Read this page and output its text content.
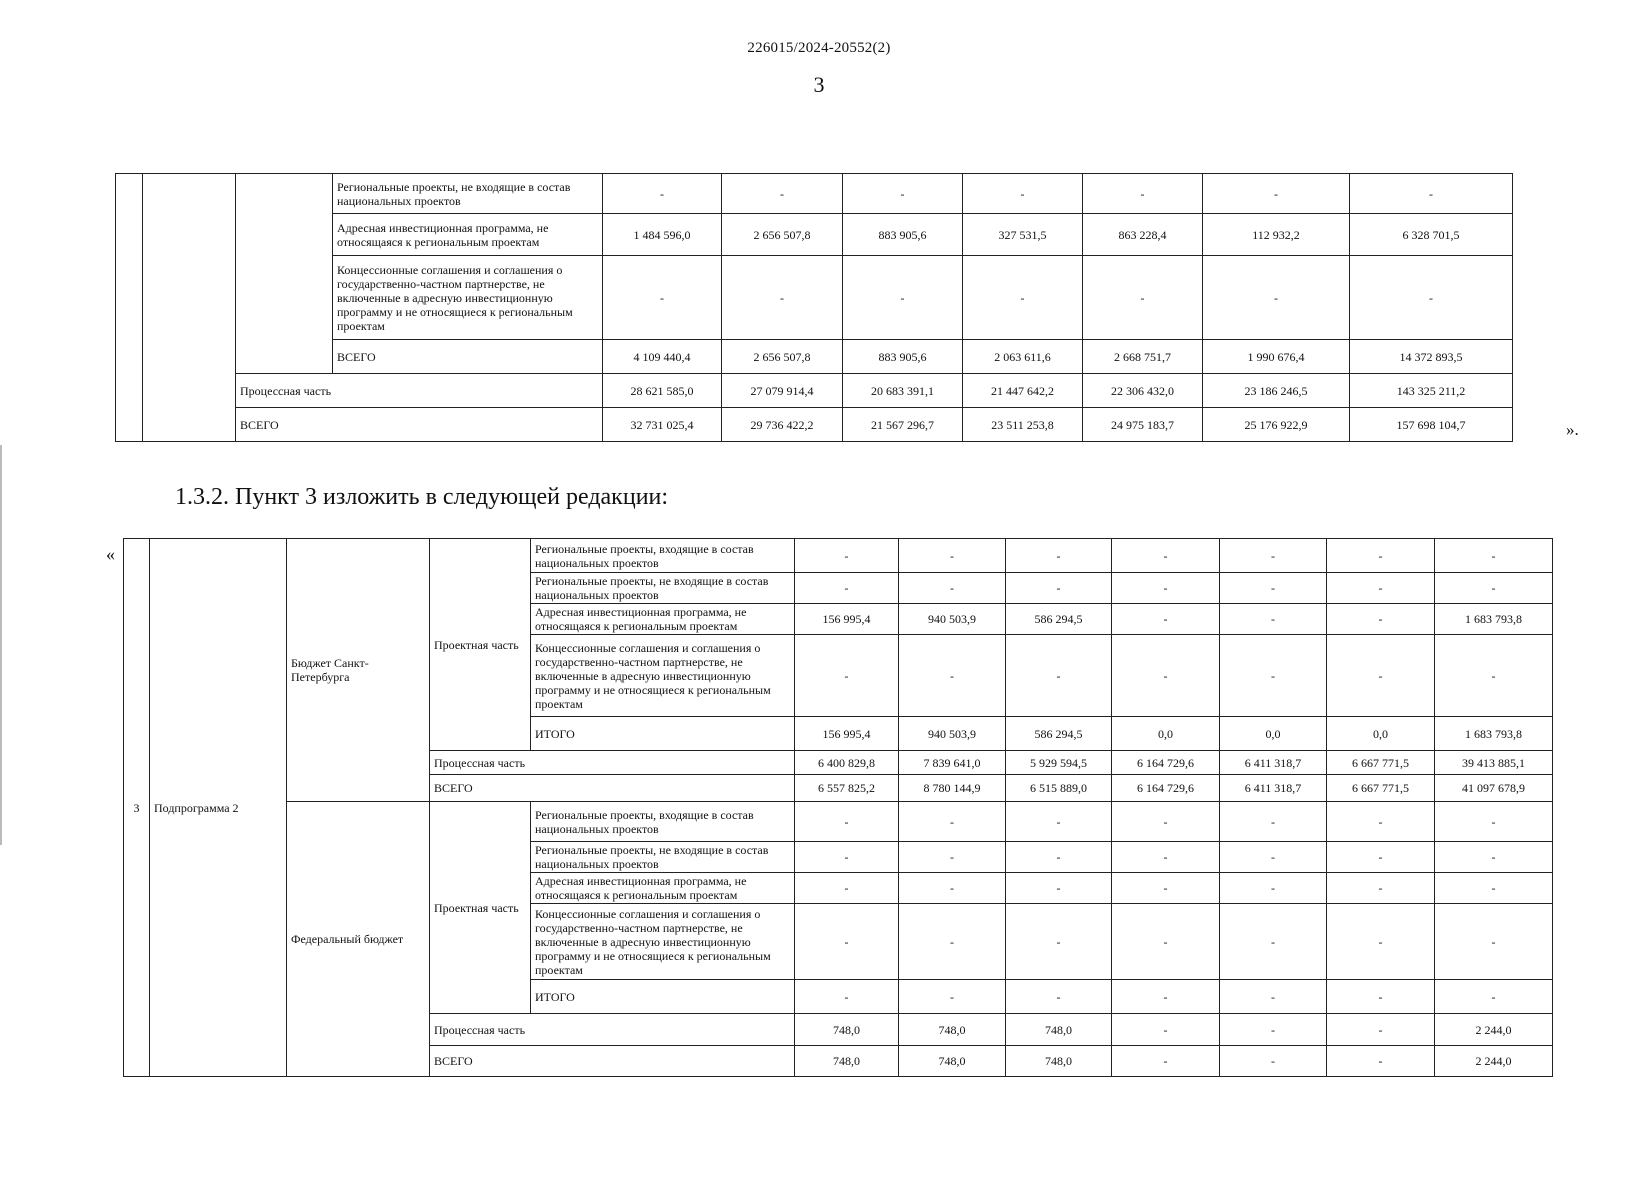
226015/2024-20552(2)
3
			Региональные проекты, не входящие в состав национальных проектов	-	-	-	-	-	-	-
			Адресная инвестиционная программа, не относящаяся к региональным проектам	1 484 596,0	2 656 507,8	883 905,6	327 531,5	863 228,4	112 932,2	6 328 701,5
			Концессионные соглашения и соглашения о государственно-частном партнерстве, не включенные в адресную инвестиционную программу и не относящиеся к региональным проектам	-	-	-	-	-	-	-
			ВСЕГО	4 109 440,4	2 656 507,8	883 905,6	2 063 611,6	2 668 751,7	1 990 676,4	14 372 893,5
		Процессная часть		28 621 585,0	27 079 914,4	20 683 391,1	21 447 642,2	22 306 432,0	23 186 246,5	143 325 211,2
		ВСЕГО		32 731 025,4	29 736 422,2	21 567 296,7	23 511 253,8	24 975 183,7	25 176 922,9	157 698 104,7	».
1.3.2. Пункт 3 изложить в следующей редакции:
«
3	Подпрограмма 2	Бюджет Санкт-Петербурга	Проектная часть	Региональные проекты, входящие в состав национальных проектов	-	-	-	-	-	-	-
				Региональные проекты, не входящие в состав национальных проектов	-	-	-	-	-	-	-
				Адресная инвестиционная программа, не относящаяся к региональным проектам	156 995,4	940 503,9	586 294,5	-	-	-	1 683 793,8
				Концессионные соглашения и соглашения о государственно-частном партнерстве, не включенные в адресную инвестиционную программу и не относящиеся к региональным проектам	-	-	-	-	-	-	-
				ИТОГО	156 995,4	940 503,9	586 294,5	0,0	0,0	0,0	1 683 793,8
			Процессная часть		6 400 829,8	7 839 641,0	5 929 594,5	6 164 729,6	6 411 318,7	6 667 771,5	39 413 885,1
			ВСЕГО		6 557 825,2	8 780 144,9	6 515 889,0	6 164 729,6	6 411 318,7	6 667 771,5	41 097 678,9
		Федеральный бюджет	Проектная часть	Региональные проекты, входящие в состав национальных проектов	-	-	-	-	-	-	-
				Региональные проекты, не входящие в состав национальных проектов	-	-	-	-	-	-	-
				Адресная инвестиционная программа, не относящаяся к региональным проектам	-	-	-	-	-	-	-
				Концессионные соглашения и соглашения о государственно-частном партнерстве, не включенные в адресную инвестиционную программу и не относящиеся к региональным проектам	-	-	-	-	-	-	-
				ИТОГО	-	-	-	-	-	-	-
			Процессная часть		748,0	748,0	748,0	-	-	-	2 244,0
			ВСЕГО		748,0	748,0	748,0	-	-	-	2 244,0
